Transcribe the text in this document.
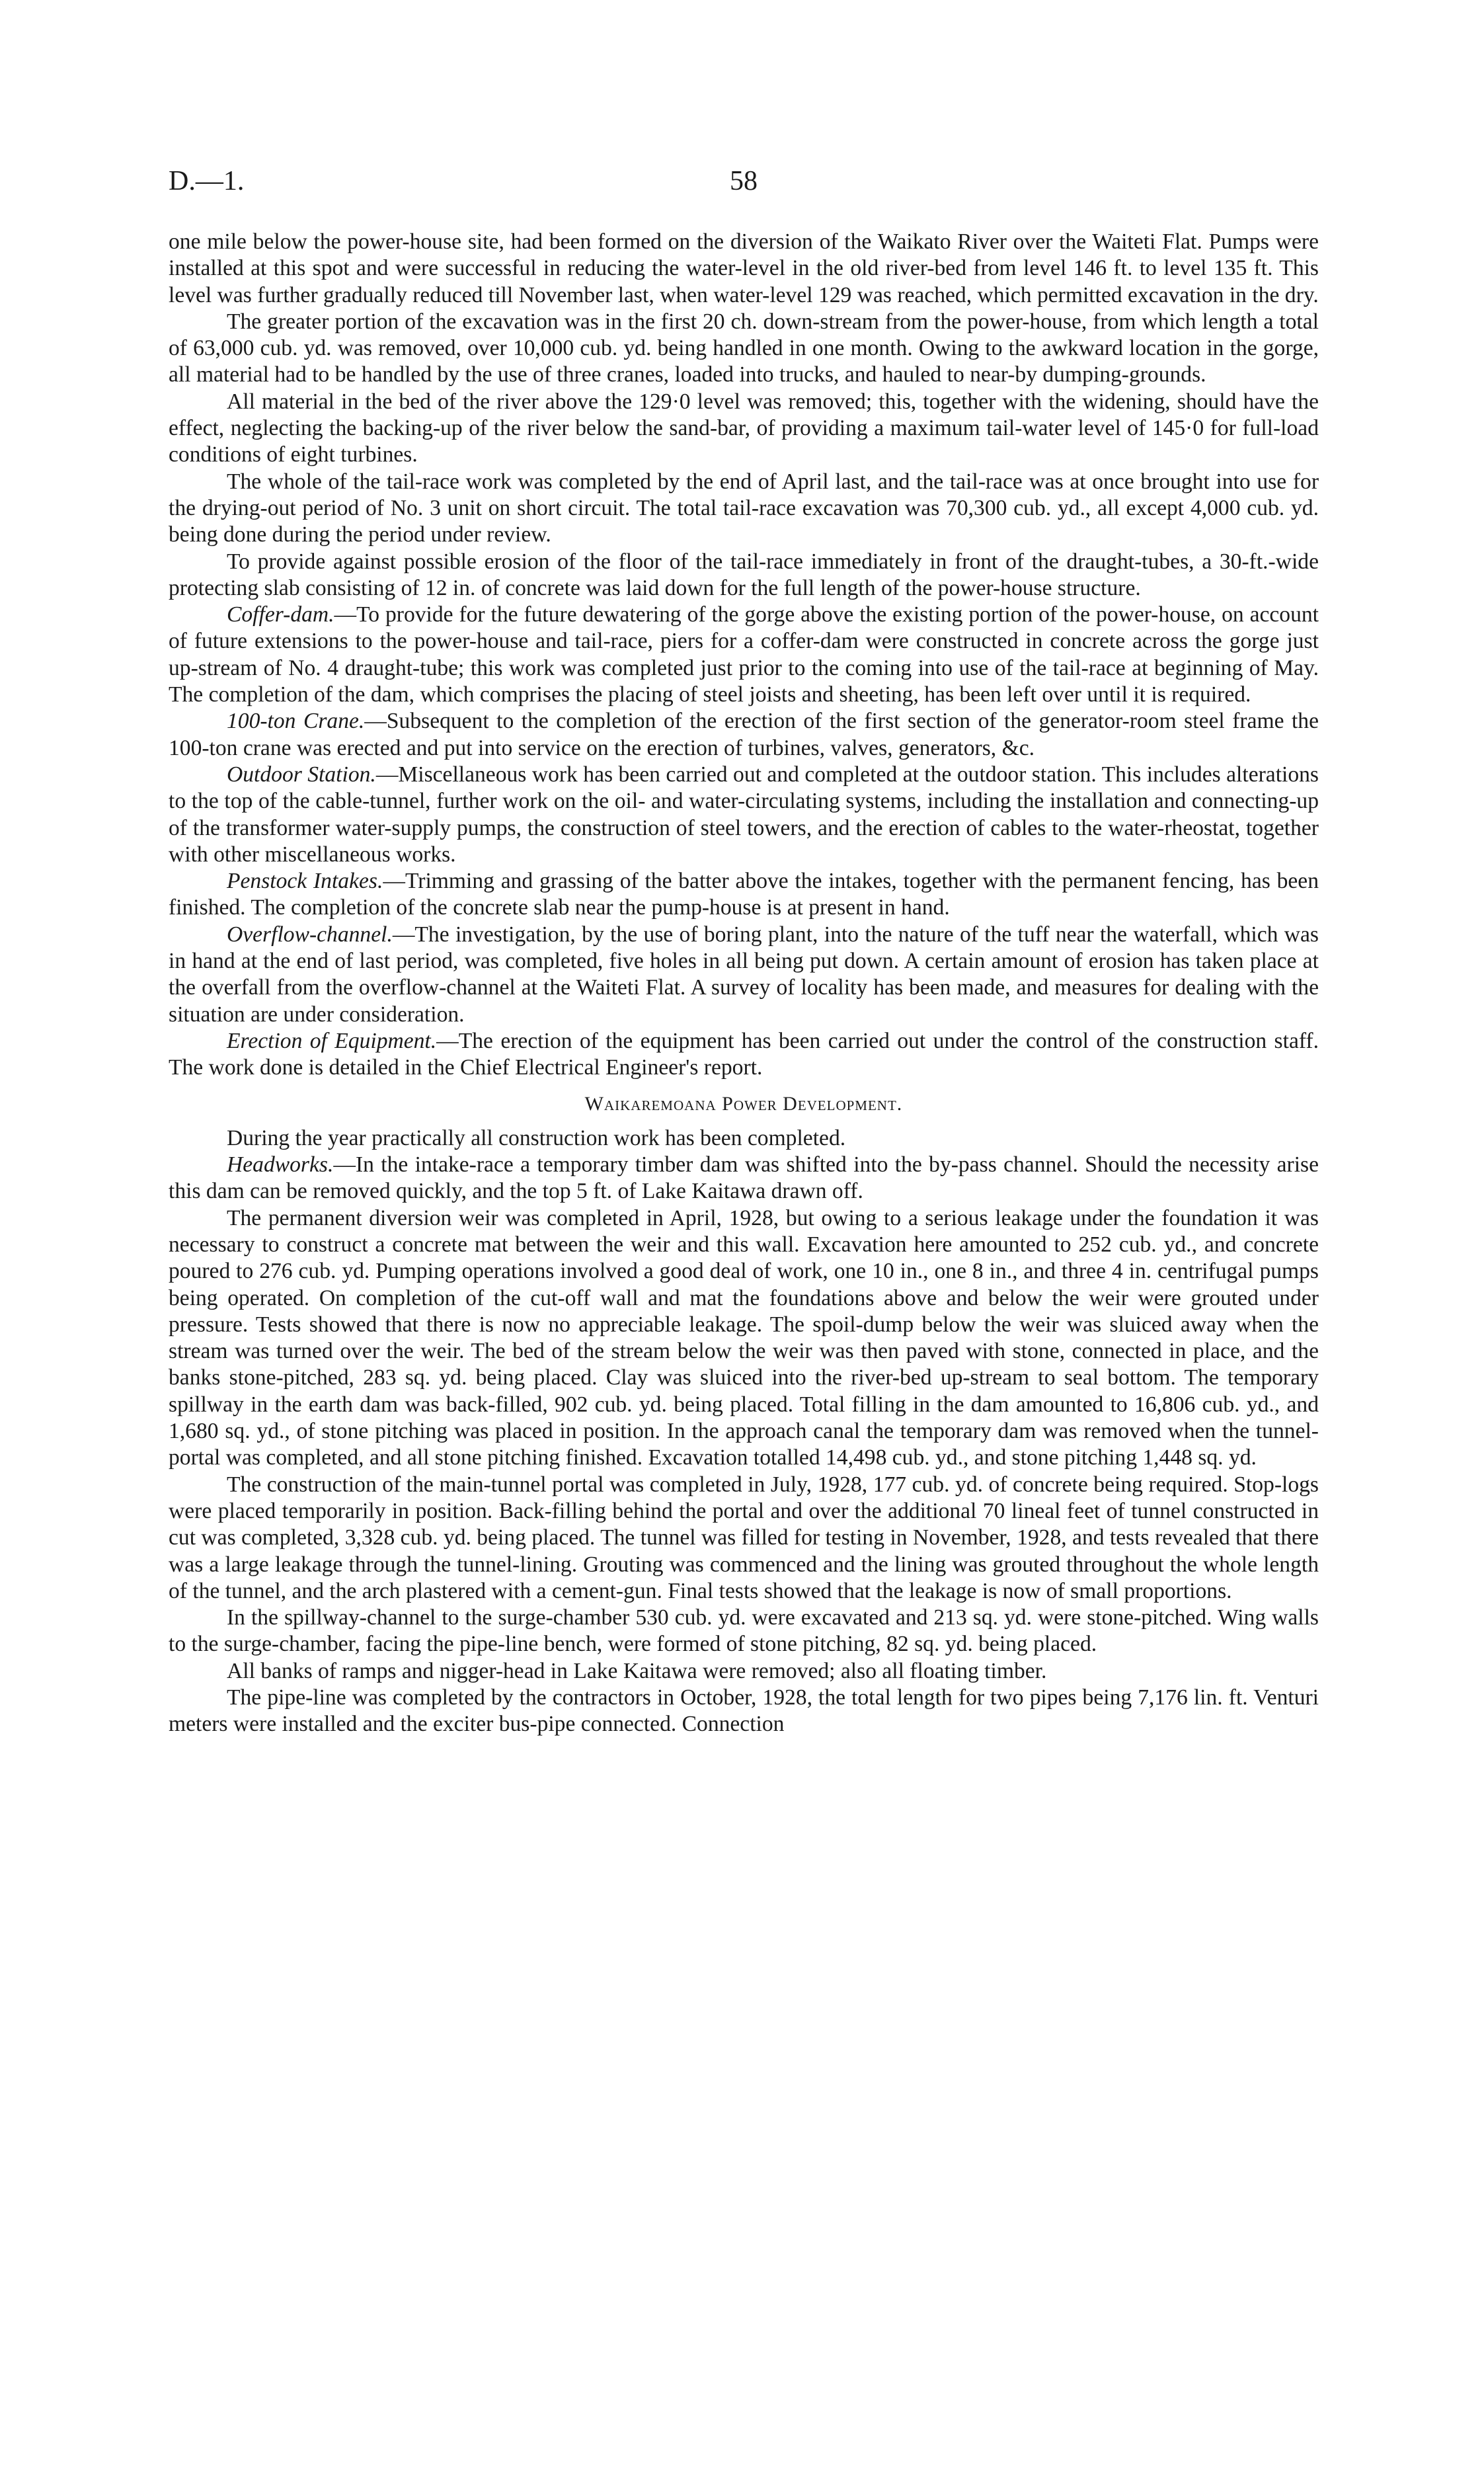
D.—1.	58

one mile below the power-house site, had been formed on the diversion of the Waikato River over the Waiteti Flat. Pumps were installed at this spot and were successful in reducing the water-level in the old river-bed from level 146 ft. to level 135 ft. This level was further gradually reduced till November last, when water-level 129 was reached, which permitted excavation in the dry.

The greater portion of the excavation was in the first 20 ch. down-stream from the power-house, from which length a total of 63,000 cub. yd. was removed, over 10,000 cub. yd. being handled in one month. Owing to the awkward location in the gorge, all material had to be handled by the use of three cranes, loaded into trucks, and hauled to near-by dumping-grounds.

All material in the bed of the river above the 129·0 level was removed; this, together with the widening, should have the effect, neglecting the backing-up of the river below the sand-bar, of providing a maximum tail-water level of 145·0 for full-load conditions of eight turbines.

The whole of the tail-race work was completed by the end of April last, and the tail-race was at once brought into use for the drying-out period of No. 3 unit on short circuit. The total tail-race excavation was 70,300 cub. yd., all except 4,000 cub. yd. being done during the period under review.

To provide against possible erosion of the floor of the tail-race immediately in front of the draught-tubes, a 30-ft.-wide protecting slab consisting of 12 in. of concrete was laid down for the full length of the power-house structure.

Coffer-dam.—To provide for the future dewatering of the gorge above the existing portion of the power-house, on account of future extensions to the power-house and tail-race, piers for a coffer-dam were constructed in concrete across the gorge just up-stream of No. 4 draught-tube; this work was completed just prior to the coming into use of the tail-race at beginning of May. The completion of the dam, which comprises the placing of steel joists and sheeting, has been left over until it is required.

100-ton Crane.—Subsequent to the completion of the erection of the first section of the generator-room steel frame the 100-ton crane was erected and put into service on the erection of turbines, valves, generators, &c.

Outdoor Station.—Miscellaneous work has been carried out and completed at the outdoor station. This includes alterations to the top of the cable-tunnel, further work on the oil- and water-circulating systems, including the installation and connecting-up of the transformer water-supply pumps, the construction of steel towers, and the erection of cables to the water-rheostat, together with other miscellaneous works.

Penstock Intakes.—Trimming and grassing of the batter above the intakes, together with the permanent fencing, has been finished. The completion of the concrete slab near the pump-house is at present in hand.

Overflow-channel.—The investigation, by the use of boring plant, into the nature of the tuff near the waterfall, which was in hand at the end of last period, was completed, five holes in all being put down. A certain amount of erosion has taken place at the overfall from the overflow-channel at the Waiteti Flat. A survey of locality has been made, and measures for dealing with the situation are under consideration.

Erection of Equipment.—The erection of the equipment has been carried out under the control of the construction staff. The work done is detailed in the Chief Electrical Engineer's report.

Waikaremoana Power Development.

During the year practically all construction work has been completed.

Headworks.—In the intake-race a temporary timber dam was shifted into the by-pass channel. Should the necessity arise this dam can be removed quickly, and the top 5 ft. of Lake Kaitawa drawn off.

The permanent diversion weir was completed in April, 1928, but owing to a serious leakage under the foundation it was necessary to construct a concrete mat between the weir and this wall. Excavation here amounted to 252 cub. yd., and concrete poured to 276 cub. yd. Pumping operations involved a good deal of work, one 10 in., one 8 in., and three 4 in. centrifugal pumps being operated. On completion of the cut-off wall and mat the foundations above and below the weir were grouted under pressure. Tests showed that there is now no appreciable leakage. The spoil-dump below the weir was sluiced away when the stream was turned over the weir. The bed of the stream below the weir was then paved with stone, connected in place, and the banks stone-pitched, 283 sq. yd. being placed. Clay was sluiced into the river-bed up-stream to seal bottom. The temporary spillway in the earth dam was back-filled, 902 cub. yd. being placed. Total filling in the dam amounted to 16,806 cub. yd., and 1,680 sq. yd., of stone pitching was placed in position. In the approach canal the temporary dam was removed when the tunnel-portal was completed, and all stone pitching finished. Excavation totalled 14,498 cub. yd., and stone pitching 1,448 sq. yd.

The construction of the main-tunnel portal was completed in July, 1928, 177 cub. yd. of concrete being required. Stop-logs were placed temporarily in position. Back-filling behind the portal and over the additional 70 lineal feet of tunnel constructed in cut was completed, 3,328 cub. yd. being placed. The tunnel was filled for testing in November, 1928, and tests revealed that there was a large leakage through the tunnel-lining. Grouting was commenced and the lining was grouted throughout the whole length of the tunnel, and the arch plastered with a cement-gun. Final tests showed that the leakage is now of small proportions.

In the spillway-channel to the surge-chamber 530 cub. yd. were excavated and 213 sq. yd. were stone-pitched. Wing walls to the surge-chamber, facing the pipe-line bench, were formed of stone pitching, 82 sq. yd. being placed.

All banks of ramps and nigger-head in Lake Kaitawa were removed; also all floating timber.

The pipe-line was completed by the contractors in October, 1928, the total length for two pipes being 7,176 lin. ft. Venturi meters were installed and the exciter bus-pipe connected. Connection
